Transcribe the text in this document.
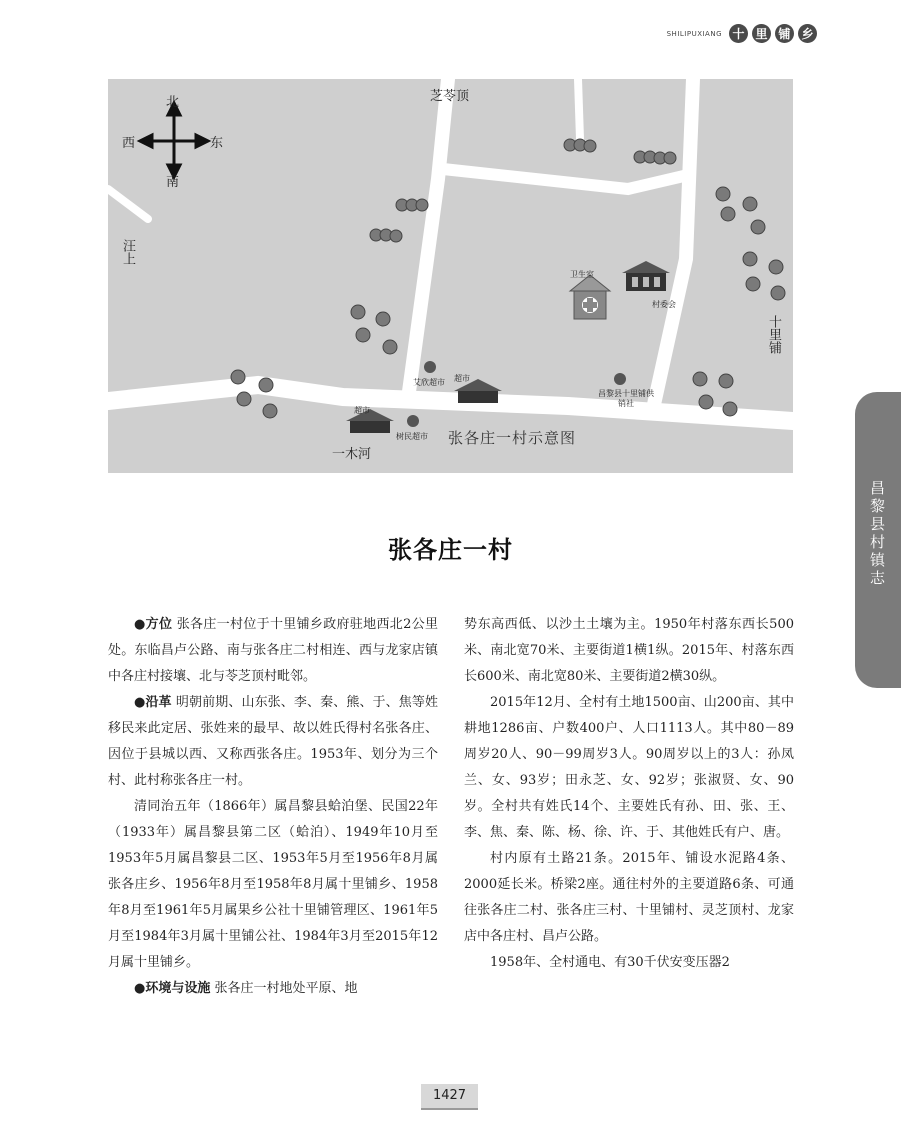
SHILIPUXIANG 十 里 铺 乡
北
南
西	东
芝苓顶
汪上
十里铺
一木河
卫生室
村委会
艾欣超市
树民超市
昌黎县十里铺供销社
超市
超市
张各庄一村示意图
张各庄一村

●方位 张各庄一村位于十里铺乡政府驻地西北2公里处。东临昌卢公路、南与张各庄二村相连、西与龙家店镇中各庄村接壤、北与苓芝顶村毗邻。

●沿革 明朝前期、山东张、李、秦、熊、于、焦等姓移民来此定居、张姓来的最早、故以姓氏得村名张各庄、因位于县城以西、又称西张各庄。1953年、划分为三个村、此村称张各庄一村。

清同治五年（1866年）属昌黎县蛤泊堡、民国22年（1933年）属昌黎县第二区（蛤泊）、1949年10月至1953年5月属昌黎县二区、1953年5月至1956年8月属张各庄乡、1956年8月至1958年8月属十里铺乡、1958年8月至1961年5月属果乡公社十里铺管理区、1961年5月至1984年3月属十里铺公社、1984年3月至2015年12月属十里铺乡。

●环境与设施 张各庄一村地处平原、地

势东高西低、以沙土土壤为主。1950年村落东西长500米、南北宽70米、主要街道1横1纵。2015年、村落东西长600米、南北宽80米、主要街道2横30纵。

2015年12月、全村有土地1500亩、山200亩、其中耕地1286亩、户数400户、人口1113人。其中80－89周岁20人、90－99周岁3人。90周岁以上的3人：孙凤兰、女、93岁；田永芝、女、92岁；张淑贤、女、90岁。全村共有姓氏14个、主要姓氏有孙、田、张、王、李、焦、秦、陈、杨、徐、许、于、其他姓氏有户、唐。

村内原有土路21条。2015年、铺设水泥路4条、2000延长米。桥梁2座。通往村外的主要道路6条、可通往张各庄二村、张各庄三村、十里铺村、灵芝顶村、龙家店中各庄村、昌卢公路。

1958年、全村通电、有30千伏安变压器2

昌黎县村镇志
1427
